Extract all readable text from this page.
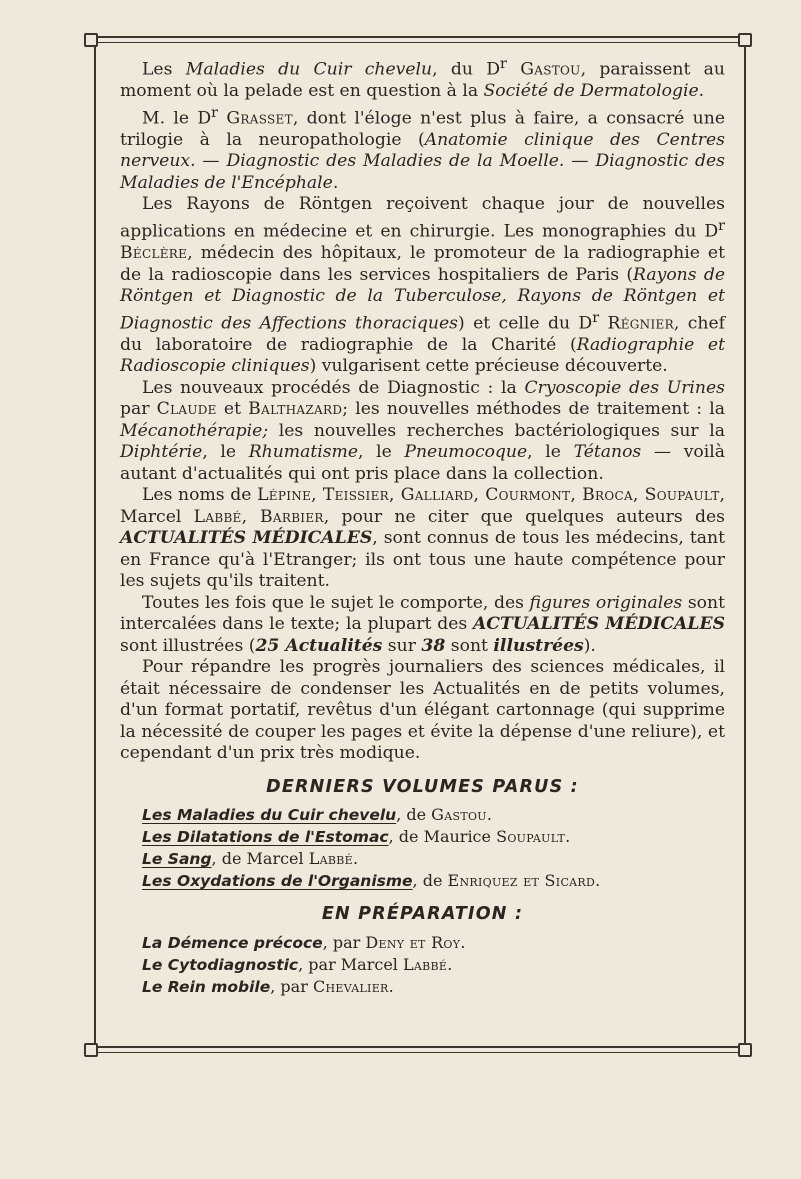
Les Maladies du Cuir chevelu, du $D^r$ Gastou, paraissent au moment où la pelade est en question à la Société de Dermatologie.

M. le $D^r$ Grasset, dont l'éloge n'est plus à faire, a consacré une trilogie à la neuropathologie (Anatomie clinique des Centres nerveux. — Diagnostic des Maladies de la Moelle. — Diagnostic des Maladies de l'Encéphale.

Les Rayons de Röntgen reçoivent chaque jour de nouvelles applications en médecine et en chirurgie. Les monographies du $D^r$ Béclère, médecin des hôpitaux, le promoteur de la radiographie et de la radioscopie dans les services hospitaliers de Paris (Rayons de Röntgen et Diagnostic de la Tuberculose, Rayons de Röntgen et Diagnostic des Affections thoraciques) et celle du $D^r$ Régnier, chef du laboratoire de radiographie de la Charité (Radiographie et Radioscopie cliniques) vulgarisent cette précieuse découverte.

Les nouveaux procédés de Diagnostic : la Cryoscopie des Urines par Claude et Balthazard; les nouvelles méthodes de traitement : la Mécanothérapie; les nouvelles recherches bactériologiques sur la Diphtérie, le Rhumatisme, le Pneumocoque, le Tétanos — voilà autant d'actualités qui ont pris place dans la collection.

Les noms de Lépine, Teissier, Galliard, Courmont, Broca, Soupault, Marcel Labbé, Barbier, pour ne citer que quelques auteurs des ACTUALITÉS MÉDICALES, sont connus de tous les médecins, tant en France qu'à l'Etranger; ils ont tous une haute compétence pour les sujets qu'ils traitent.

Toutes les fois que le sujet le comporte, des figures originales sont intercalées dans le texte; la plupart des ACTUALITÉS MÉDICALES sont illustrées (25 Actualités sur 38 sont illustrées).

Pour répandre les progrès journaliers des sciences médicales, il était nécessaire de condenser les Actualités en de petits volumes, d'un format portatif, revêtus d'un élégant cartonnage (qui supprime la nécessité de couper les pages et évite la dépense d'une reliure), et cependant d'un prix très modique.

DERNIERS VOLUMES PARUS :

Les Maladies du Cuir chevelu, de Gastou.

Les Dilatations de l'Estomac, de Maurice Soupault.

Le Sang, de Marcel Labbé.

Les Oxydations de l'Organisme, de Enriquez et Sicard.

EN PRÉPARATION :

La Démence précoce, par Deny et Roy.

Le Cytodiagnostic, par Marcel Labbé.

Le Rein mobile, par Chevalier.
